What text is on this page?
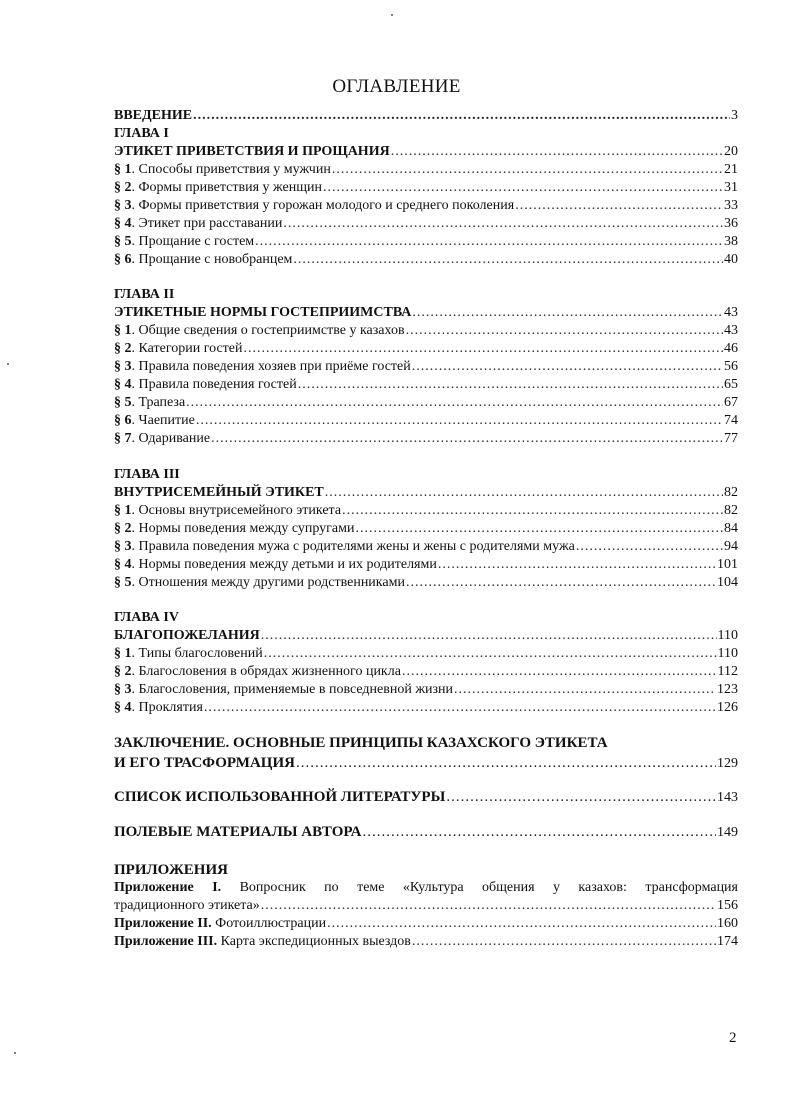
ОГЛАВЛЕНИЕ
ВВЕДЕНИЕ .....	3
ГЛАВА I
ЭТИКЕТ ПРИВЕТСТВИЯ И ПРОЩАНИЯ .....	20
§ 1. Способы приветствия у мужчин .....	21
§ 2. Формы приветствия у женщин .....	31
§ 3. Формы приветствия у горожан молодого и среднего поколения .....	33
§ 4. Этикет при расставании .....	36
§ 5. Прощание с гостем .....	38
§ 6. Прощание с новобранцем .....	40
ГЛАВА II
ЭТИКЕТНЫЕ НОРМЫ ГОСТЕПРИИМСТВА .....	43
§ 1. Общие сведения о гостеприимстве у казахов .....	43
§ 2. Категории гостей .....	46
§ 3. Правила поведения хозяев при приёме гостей .....	56
§ 4. Правила поведения гостей .....	65
§ 5. Трапеза .....	67
§ 6. Чаепитие .....	74
§ 7. Одаривание .....	77
ГЛАВА III
ВНУТРИСЕМЕЙНЫЙ ЭТИКЕТ .....	82
§ 1. Основы внутрисемейного этикета .....	82
§ 2. Нормы поведения между супругами .....	84
§ 3. Правила поведения мужа с родителями жены и жены с родителями мужа .....	94
§ 4. Нормы поведения между детьми и их родителями .....	101
§ 5. Отношения между другими родственниками .....	104
ГЛАВА IV
БЛАГОПОЖЕЛАНИЯ .....	110
§ 1. Типы благословений .....	110
§ 2. Благословения в обрядах жизненного цикла .....	112
§ 3. Благословения, применяемые в повседневной жизни .....	123
§ 4. Проклятия .....	126
ЗАКЛЮЧЕНИЕ. ОСНОВНЫЕ ПРИНЦИПЫ КАЗАХСКОГО ЭТИКЕТА
И ЕГО ТРАСФОРМАЦИЯ .....	129
СПИСОК ИСПОЛЬЗОВАННОЙ ЛИТЕРАТУРЫ .....	143
ПОЛЕВЫЕ МАТЕРИАЛЫ АВТОРА .....	149
ПРИЛОЖЕНИЯ
Приложение I. Вопросник по теме «Культура общения у казахов: трансформация
традиционного этикета» .....	156
Приложение II. Фотоиллюстрации .....	160
Приложение III. Карта экспедиционных выездов .....	174
2
